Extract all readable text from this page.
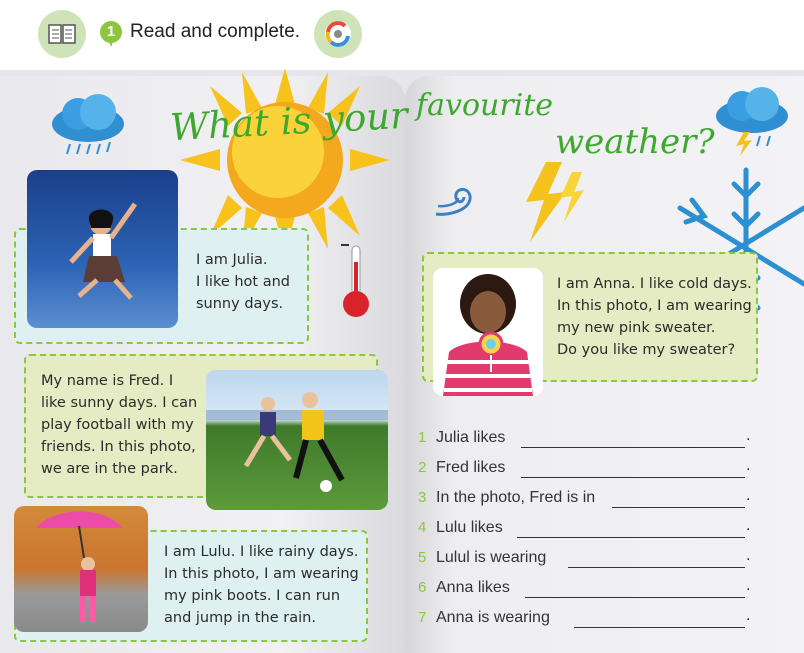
1 Read and complete.
What is your favourite
weather?
I am Julia.
I like hot and
sunny days.
My name is Fred. I
like sunny days. I can
play football with my
friends. In this photo,
we are in the park.
I am Lulu. I like rainy days.
In this photo, I am wearing
my pink boots. I can run
and jump in the rain.
I am Anna. I like cold days.
In this photo, I am wearing
my new pink sweater.
Do you like my sweater?
1 Julia likes	.
2 Fred likes	.
3 In the photo, Fred is in	.
4 Lulu likes	.
5 Lulul is wearing	.
6 Anna likes	.
7 Anna is wearing	.
